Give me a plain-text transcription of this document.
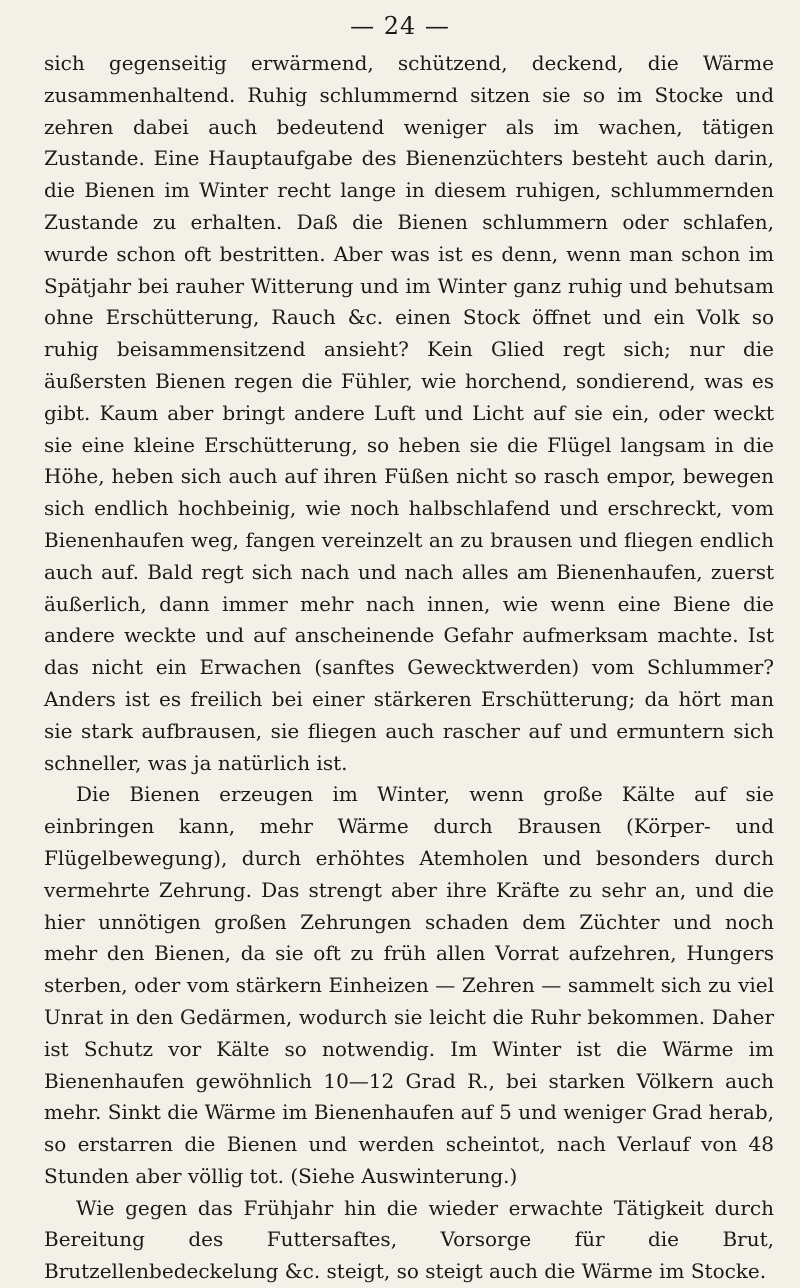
— 24 —

sich gegenseitig erwärmend, schützend, deckend, die Wärme zusammenhaltend. Ruhig schlummernd sitzen sie so im Stocke und zehren dabei auch bedeutend weniger als im wachen, tätigen Zustande. Eine Hauptaufgabe des Bienenzüchters besteht auch darin, die Bienen im Winter recht lange in diesem ruhigen, schlummernden Zustande zu erhalten. Daß die Bienen schlummern oder schlafen, wurde schon oft bestritten. Aber was ist es denn, wenn man schon im Spätjahr bei rauher Witterung und im Winter ganz ruhig und behutsam ohne Erschütterung, Rauch &c. einen Stock öffnet und ein Volk so ruhig beisammensitzend ansieht? Kein Glied regt sich; nur die äußersten Bienen regen die Fühler, wie horchend, sondierend, was es gibt. Kaum aber bringt andere Luft und Licht auf sie ein, oder weckt sie eine kleine Erschütterung, so heben sie die Flügel langsam in die Höhe, heben sich auch auf ihren Füßen nicht so rasch empor, bewegen sich endlich hochbeinig, wie noch halbschlafend und erschreckt, vom Bienenhaufen weg, fangen vereinzelt an zu brausen und fliegen endlich auch auf. Bald regt sich nach und nach alles am Bienenhaufen, zuerst äußerlich, dann immer mehr nach innen, wie wenn eine Biene die andere weckte und auf anscheinende Gefahr aufmerksam machte. Ist das nicht ein Erwachen (sanftes Gewecktwerden) vom Schlummer? Anders ist es freilich bei einer stärkeren Erschütterung; da hört man sie stark aufbrausen, sie fliegen auch rascher auf und ermuntern sich schneller, was ja natürlich ist.

Die Bienen erzeugen im Winter, wenn große Kälte auf sie einbringen kann, mehr Wärme durch Brausen (Körper- und Flügelbewegung), durch erhöhtes Atemholen und besonders durch vermehrte Zehrung. Das strengt aber ihre Kräfte zu sehr an, und die hier unnötigen großen Zehrungen schaden dem Züchter und noch mehr den Bienen, da sie oft zu früh allen Vorrat aufzehren, Hungers sterben, oder vom stärkern Einheizen — Zehren — sammelt sich zu viel Unrat in den Gedärmen, wodurch sie leicht die Ruhr bekommen. Daher ist Schutz vor Kälte so notwendig. Im Winter ist die Wärme im Bienenhaufen gewöhnlich 10—12 Grad R., bei starken Völkern auch mehr. Sinkt die Wärme im Bienenhaufen auf 5 und weniger Grad herab, so erstarren die Bienen und werden scheintot, nach Verlauf von 48 Stunden aber völlig tot. (Siehe Auswinterung.)

Wie gegen das Frühjahr hin die wieder erwachte Tätigkeit durch Bereitung des Futtersaftes, Vorsorge für die Brut, Brutzellenbedeckelung &c. steigt, so steigt auch die Wärme im Stocke.
